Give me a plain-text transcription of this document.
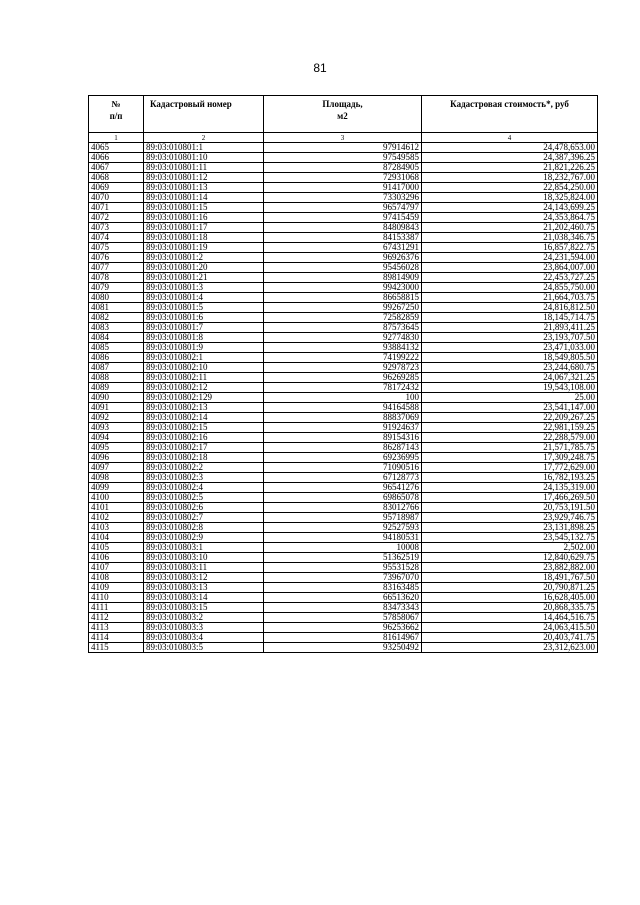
81
№
п/п	Кадастровый номер	Площадь,
м2	Кадастровая стоимость*, руб
1	2	3	4
4065	89:03:010801:1	97914612	24,478,653.00
4066	89:03:010801:10	97549585	24,387,396.25
4067	89:03:010801:11	87284905	21,821,226.25
4068	89:03:010801:12	72931068	18,232,767.00
4069	89:03:010801:13	91417000	22,854,250.00
4070	89:03:010801:14	73303296	18,325,824.00
4071	89:03:010801:15	96574797	24,143,699.25
4072	89:03:010801:16	97415459	24,353,864.75
4073	89:03:010801:17	84809843	21,202,460.75
4074	89:03:010801:18	84153387	21,038,346.75
4075	89:03:010801:19	67431291	16,857,822.75
4076	89:03:010801:2	96926376	24,231,594.00
4077	89:03:010801:20	95456028	23,864,007.00
4078	89:03:010801:21	89814909	22,453,727.25
4079	89:03:010801:3	99423000	24,855,750.00
4080	89:03:010801:4	86658815	21,664,703.75
4081	89:03:010801:5	99267250	24,816,812.50
4082	89:03:010801:6	72582859	18,145,714.75
4083	89:03:010801:7	87573645	21,893,411.25
4084	89:03:010801:8	92774830	23,193,707.50
4085	89:03:010801:9	93884132	23,471,033.00
4086	89:03:010802:1	74199222	18,549,805.50
4087	89:03:010802:10	92978723	23,244,680.75
4088	89:03:010802:11	96269285	24,067,321.25
4089	89:03:010802:12	78172432	19,543,108.00
4090	89:03:010802:129	100	25.00
4091	89:03:010802:13	94164588	23,541,147.00
4092	89:03:010802:14	88837069	22,209,267.25
4093	89:03:010802:15	91924637	22,981,159.25
4094	89:03:010802:16	89154316	22,288,579.00
4095	89:03:010802:17	86287143	21,571,785.75
4096	89:03:010802:18	69236995	17,309,248.75
4097	89:03:010802:2	71090516	17,772,629.00
4098	89:03:010802:3	67128773	16,782,193.25
4099	89:03:010802:4	96541276	24,135,319.00
4100	89:03:010802:5	69865078	17,466,269.50
4101	89:03:010802:6	83012766	20,753,191.50
4102	89:03:010802:7	95718987	23,929,746.75
4103	89:03:010802:8	92527593	23,131,898.25
4104	89:03:010802:9	94180531	23,545,132.75
4105	89:03:010803:1	10008	2,502.00
4106	89:03:010803:10	51362519	12,840,629.75
4107	89:03:010803:11	95531528	23,882,882.00
4108	89:03:010803:12	73967070	18,491,767.50
4109	89:03:010803:13	83163485	20,790,871.25
4110	89:03:010803:14	66513620	16,628,405.00
4111	89:03:010803:15	83473343	20,868,335.75
4112	89:03:010803:2	57858067	14,464,516.75
4113	89:03:010803:3	96253662	24,063,415.50
4114	89:03:010803:4	81614967	20,403,741.75
4115	89:03:010803:5	93250492	23,312,623.00
